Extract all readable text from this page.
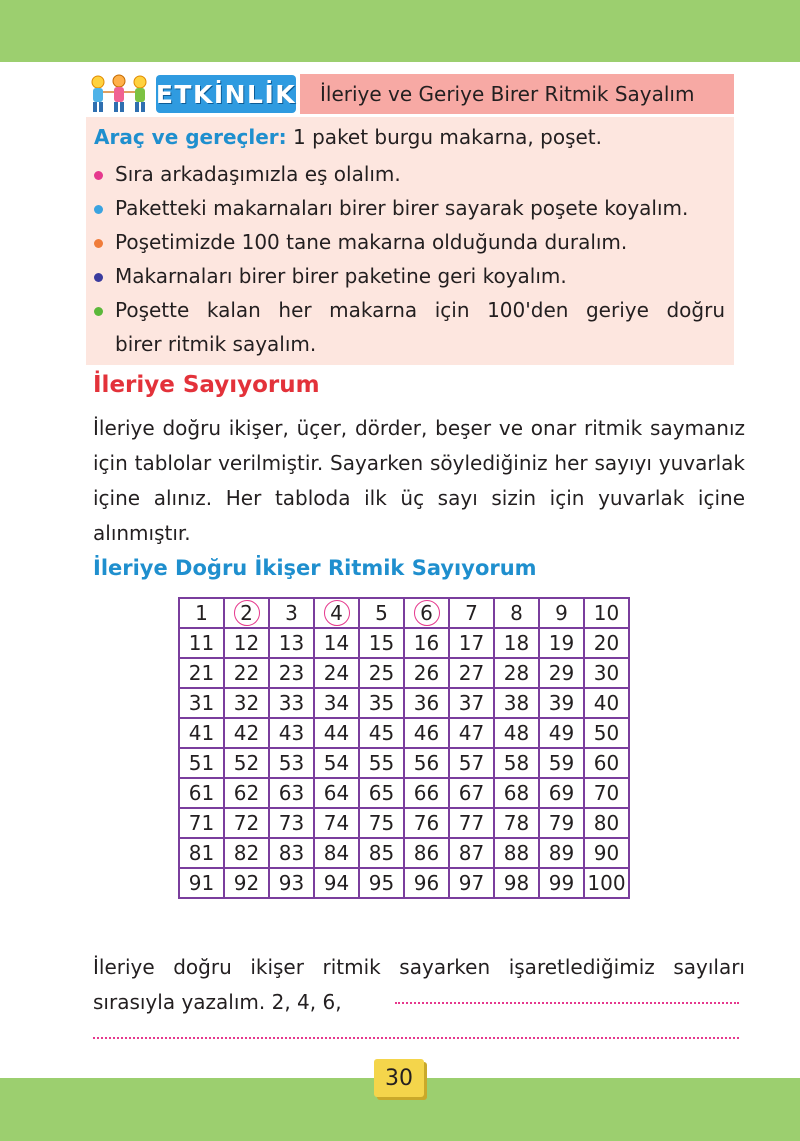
ETKİNLİK İleriye ve Geriye Birer Ritmik Sayalım
Araç ve gereçler: 1 paket burgu makarna, poşet.
Sıra arkadaşımızla eş olalım.
Paketteki makarnaları birer birer sayarak poşete koyalım.
Poşetimizde 100 tane makarna olduğunda duralım.
Makarnaları birer birer paketine geri koyalım.
Poşette kalan her makarna için 100'den geriye doğru
birer ritmik sayalım.
İleriye Sayıyorum
İleriye doğru ikişer, üçer, dörder, beşer ve onar ritmik saymanız
için tablolar verilmiştir. Sayarken söylediğiniz her sayıyı yuvarlak
içine alınız. Her tabloda ilk üç sayı sizin için yuvarlak içine
alınmıştır.
İleriye Doğru İkişer Ritmik Sayıyorum
1	2	3	4	5	6	7	8	9	10
11	12	13	14	15	16	17	18	19	20
21	22	23	24	25	26	27	28	29	30
31	32	33	34	35	36	37	38	39	40
41	42	43	44	45	46	47	48	49	50
51	52	53	54	55	56	57	58	59	60
61	62	63	64	65	66	67	68	69	70
71	72	73	74	75	76	77	78	79	80
81	82	83	84	85	86	87	88	89	90
91	92	93	94	95	96	97	98	99	100
İleriye doğru ikişer ritmik sayarken işaretlediğimiz sayıları
sırasıyla yazalım. 2, 4, 6,
30
